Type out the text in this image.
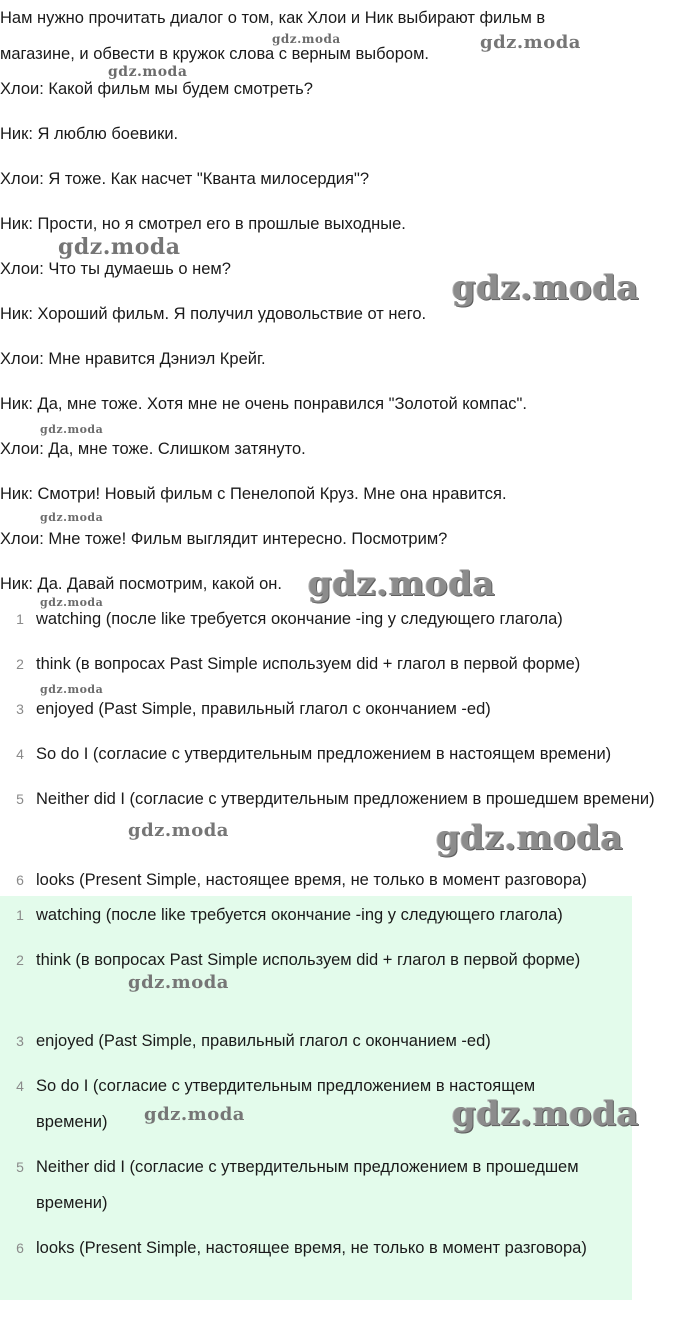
Нам нужно прочитать диалог о том, как Хлои и Ник выбирают фильм в магазине, и обвести в кружок слова с верным выбором.
Хлои: Какой фильм мы будем смотреть?
Ник: Я люблю боевики.
Хлои: Я тоже. Как насчет "Кванта милосердия"?
Ник: Прости, но я смотрел его в прошлые выходные.
Хлои: Что ты думаешь о нем?
Ник: Хороший фильм. Я получил удовольствие от него.
Хлои: Мне нравится Дэниэл Крейг.
Ник: Да, мне тоже. Хотя мне не очень понравился "Золотой компас".
Хлои: Да, мне тоже. Слишком затянуто.
Ник: Смотри! Новый фильм с Пенелопой Круз. Мне она нравится.
Хлои: Мне тоже! Фильм выглядит интересно. Посмотрим?
Ник: Да. Давай посмотрим, какой он.
1 watching (после like требуется окончание -ing у следующего глагола)
2 think (в вопросах Past Simple используем did + глагол в первой форме)
3 enjoyed (Past Simple, правильный глагол с окончанием -ed)
4 So do I (согласие с утвердительным предложением в настоящем времени)
5 Neither did I (согласие с утвердительным предложением в прошедшем времени)
6 looks (Present Simple, настоящее время, не только в момент разговора)
1 watching (после like требуется окончание -ing у следующего глагола)
2 think (в вопросах Past Simple используем did + глагол в первой форме)
3 enjoyed (Past Simple, правильный глагол с окончанием -ed)
4 So do I (согласие с утвердительным предложением в настоящем времени)
5 Neither did I (согласие с утвердительным предложением в прошедшем времени)
6 looks (Present Simple, настоящее время, не только в момент разговора)
gdz.moda	gdz.moda
gdz.moda
gdz.moda
gdz.moda
gdz.moda
gdz.moda
gdz.moda
gdz.moda
gdz.moda
gdz.moda	gdz.moda
gdz.moda
gdz.moda	gdz.moda
